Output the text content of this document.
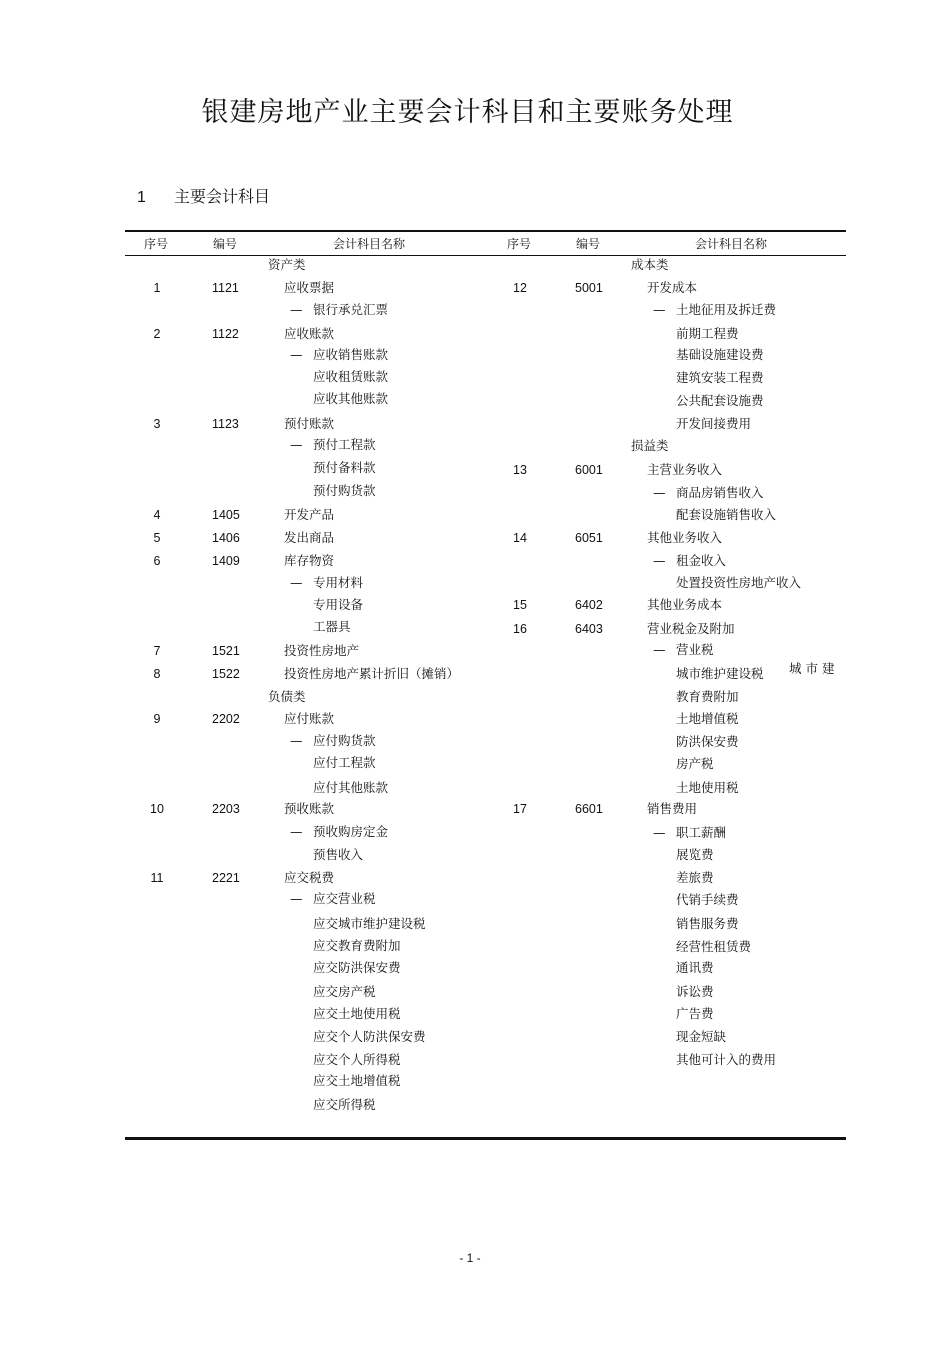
银建房地产业主要会计科目和主要账务处理
1 主要会计科目
序号	编号	会计科目名称	序号	编号	会计科目名称
资产类
1	1121	应收票据
— 银行承兑汇票
2	1122	应收账款
— 应收销售账款
应收租赁账款
应收其他账款
3	1123	预付账款
— 预付工程款
预付备料款
预付购货款
4	1405	开发产品
5	1406	发出商品
6	1409	库存物资
— 专用材料
专用设备
工器具
7	1521	投资性房地产
8	1522	投资性房地产累计折旧（摊销）
负债类
9	2202	应付账款
— 应付购货款
应付工程款
应付其他账款
10	2203	预收账款
— 预收购房定金
预售收入
11	2221	应交税费
— 应交营业税
应交城市维护建设税
应交教育费附加
应交防洪保安费
应交房产税
应交土地使用税
应交个人防洪保安费
应交个人所得税
应交土地增值税
应交所得税
成本类
12	5001	开发成本
— 土地征用及拆迁费
前期工程费
基础设施建设费
建筑安装工程费
公共配套设施费
开发间接费用
损益类
13	6001	主营业务收入
— 商品房销售收入
配套设施销售收入
14	6051	其他业务收入
— 租金收入
处置投资性房地产收入
15	6402	其他业务成本
16	6403	营业税金及附加
— 营业税
城市维护建设税
教育费附加
土地增值税
防洪保安费
房产税
土地使用税
17	6601	销售费用
— 职工薪酬
展览费
差旅费
代销手续费
销售服务费
经营性租赁费
通讯费
诉讼费
广告费
现金短缺
其他可计入的费用
城 市 建
- 1 -
